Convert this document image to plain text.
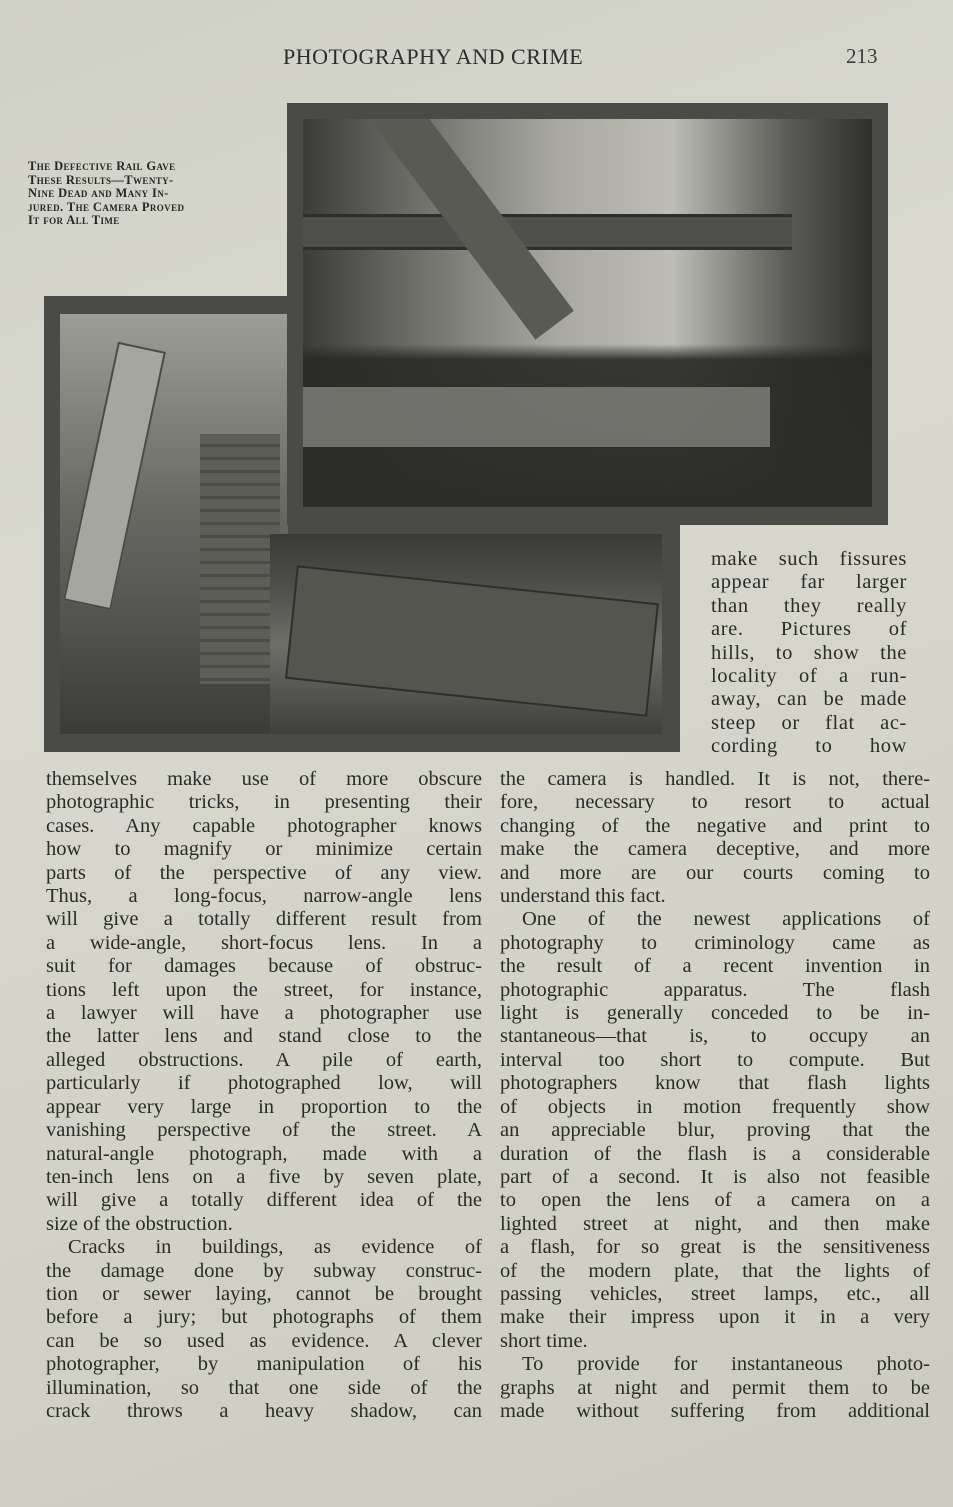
PHOTOGRAPHY AND CRIME	213
The Defective Rail Gave
These Results—Twenty-
Nine Dead and Many In-
jured. The Camera Proved
It for All Time
make such fissures
appear far larger
than they really
are. Pictures of
hills, to show the
locality of a run-
away, can be made
steep or flat ac-
cording to how
themselves make use of more obscure
photographic tricks, in presenting their
cases. Any capable photographer knows
how to magnify or minimize certain
parts of the perspective of any view.
Thus, a long-focus, narrow-angle lens
will give a totally different result from
a wide-angle, short-focus lens. In a
suit for damages because of obstruc-
tions left upon the street, for instance,
a lawyer will have a photographer use
the latter lens and stand close to the
alleged obstructions. A pile of earth,
particularly if photographed low, will
appear very large in proportion to the
vanishing perspective of the street. A
natural-angle photograph, made with a
ten-inch lens on a five by seven plate,
will give a totally different idea of the
size of the obstruction.
Cracks in buildings, as evidence of
the damage done by subway construc-
tion or sewer laying, cannot be brought
before a jury; but photographs of them
can be so used as evidence. A clever
photographer, by manipulation of his
illumination, so that one side of the
crack throws a heavy shadow, can
the camera is handled. It is not, there-
fore, necessary to resort to actual
changing of the negative and print to
make the camera deceptive, and more
and more are our courts coming to
understand this fact.
One of the newest applications of
photography to criminology came as
the result of a recent invention in
photographic apparatus. The flash
light is generally conceded to be in-
stantaneous—that is, to occupy an
interval too short to compute. But
photographers know that flash lights
of objects in motion frequently show
an appreciable blur, proving that the
duration of the flash is a considerable
part of a second. It is also not feasible
to open the lens of a camera on a
lighted street at night, and then make
a flash, for so great is the sensitiveness
of the modern plate, that the lights of
passing vehicles, street lamps, etc., all
make their impress upon it in a very
short time.
To provide for instantaneous photo-
graphs at night and permit them to be
made without suffering from additional
